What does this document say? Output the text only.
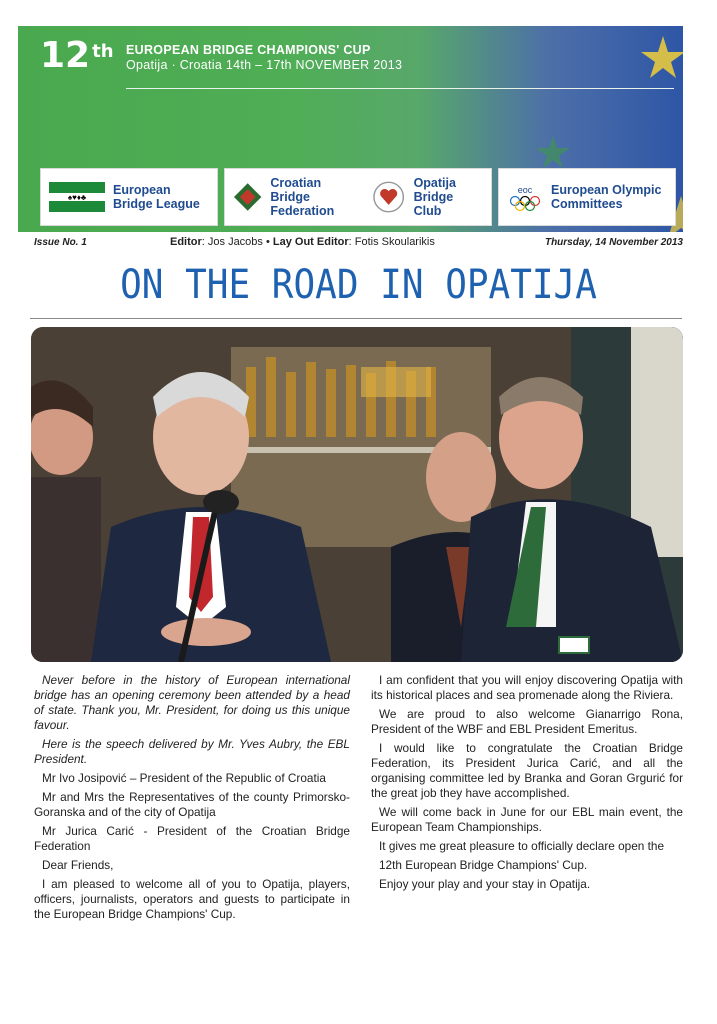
12 $^{th}$ EUROPEAN BRIDGE CHAMPIONS' CUP
Opatija · Croatia 14th – 17th NOVEMBER 2013
♠♥♦♣
European
Bridge League
Croatian Bridge
Federation
Opatija
Bridge Club
eoc European Olympic
Committees
Issue No. 1	Editor: Jos Jacobs • Lay Out Editor: Fotis Skoularikis	Thursday, 14 November 2013
ON THE ROAD IN OPATIJA

Never before in the history of European international bridge has an opening ceremony been attended by a head of state. Thank you, Mr. President, for doing us this unique favour.

Here is the speech delivered by Mr. Yves Aubry, the EBL President.

Mr Ivo Josipović – President of the Republic of Croatia

Mr and Mrs the Representatives of the county Primorsko-Goranska and of the city of Opatija

Mr Jurica Carić - President of the Croatian Bridge Federation

Dear Friends,

I am pleased to welcome all of you to Opatija, players, officers, journalists, operators and guests to participate in the European Bridge Champions' Cup.

I am confident that you will enjoy discovering Opatija with its historical places and sea promenade along the Riviera.

We are proud to also welcome Gianarrigo Rona, President of the WBF and EBL President Emeritus.

I would like to congratulate the Croatian Bridge Federation, its President Jurica Carić, and all the organising committee led by Branka and Goran Grgurić for the great job they have accomplished.

We will come back in June for our EBL main event, the European Team Championships.

It gives me great pleasure to officially declare open the

12th European Bridge Champions' Cup.

Enjoy your play and your stay in Opatija.
